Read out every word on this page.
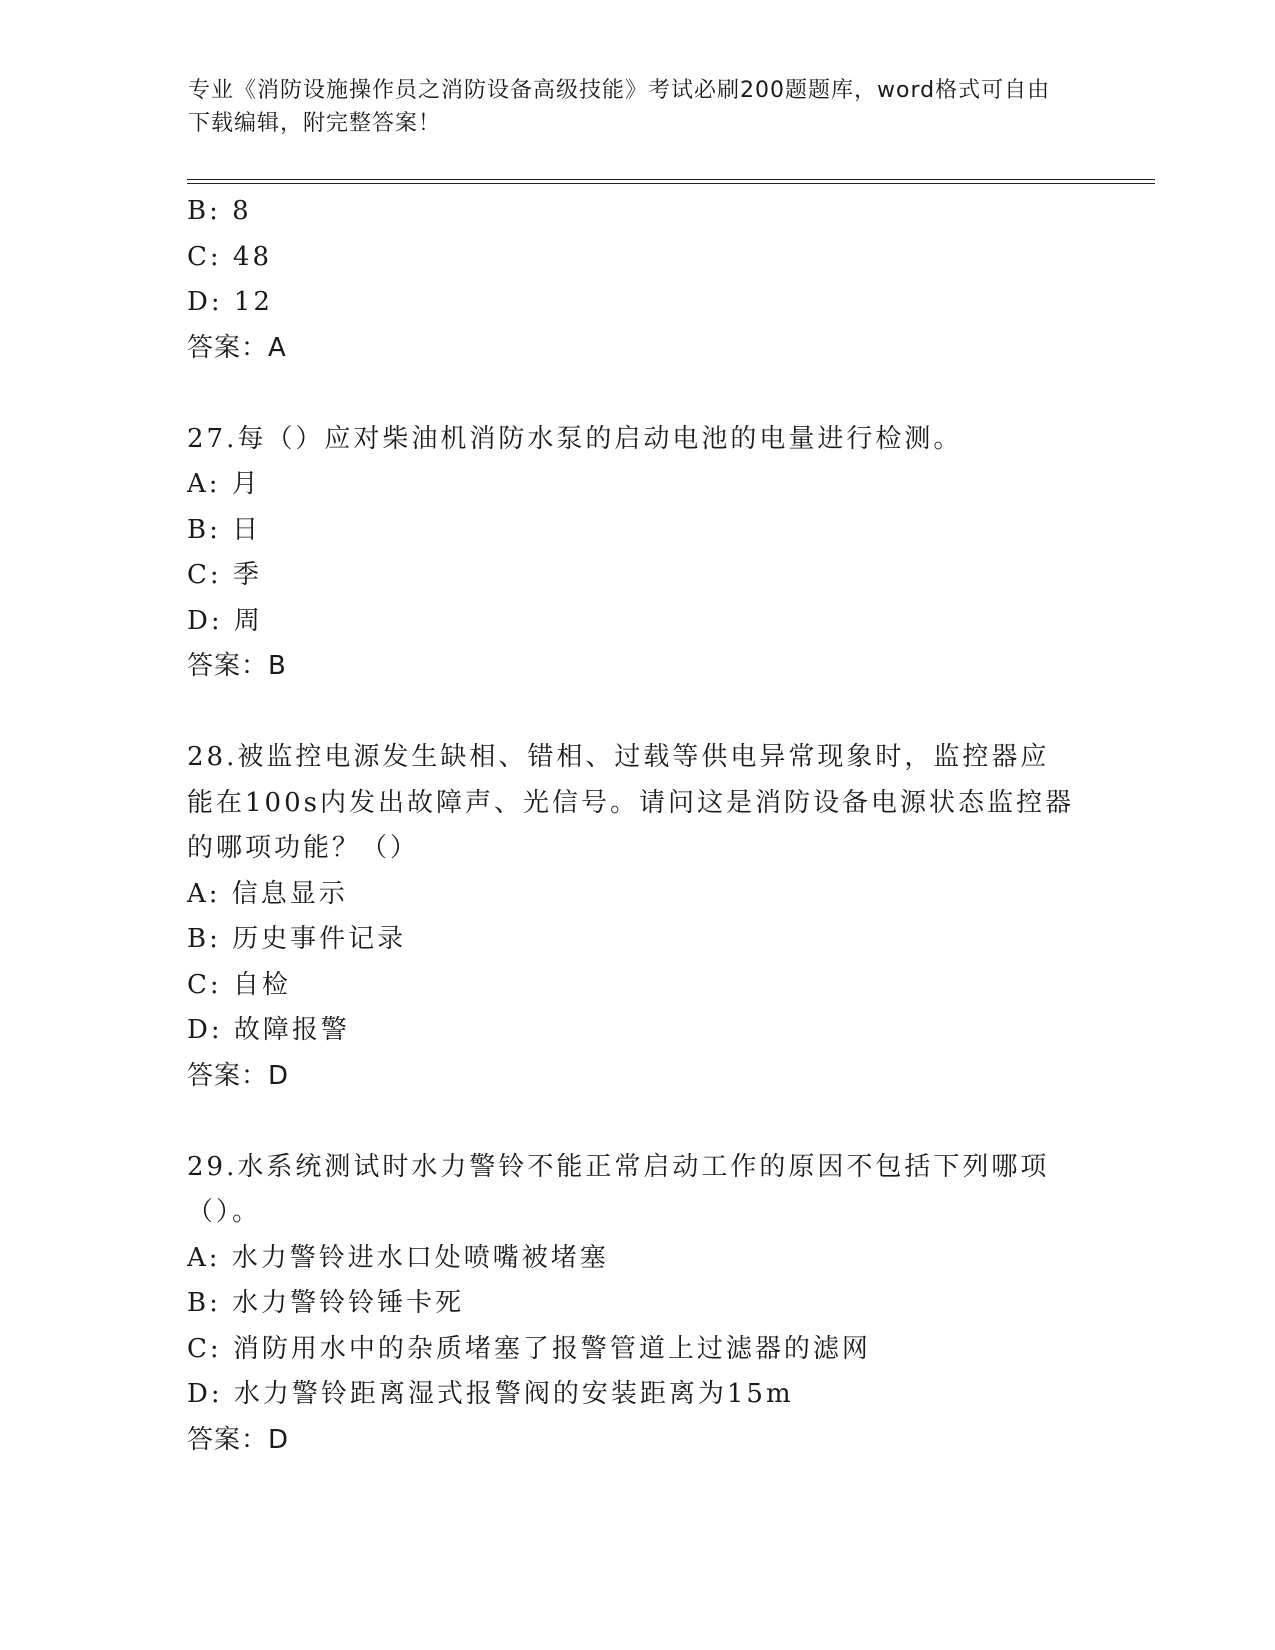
专业《消防设施操作员之消防设备高级技能》考试必刷200题题库，word格式可自由下载编辑，附完整答案！
B: 8
C: 48
D: 12
答案：A
27.每（）应对柴油机消防水泵的启动电池的电量进行检测。
A: 月
B: 日
C: 季
D: 周
答案：B
28.被监控电源发生缺相、错相、过载等供电异常现象时，监控器应能在100s内发出故障声、光信号。请问这是消防设备电源状态监控器的哪项功能？（）
A: 信息显示
B: 历史事件记录
C: 自检
D: 故障报警
答案：D
29.水系统测试时水力警铃不能正常启动工作的原因不包括下列哪项（）。
A: 水力警铃进水口处喷嘴被堵塞
B: 水力警铃铃锤卡死
C: 消防用水中的杂质堵塞了报警管道上过滤器的滤网
D: 水力警铃距离湿式报警阀的安装距离为15m
答案：D
